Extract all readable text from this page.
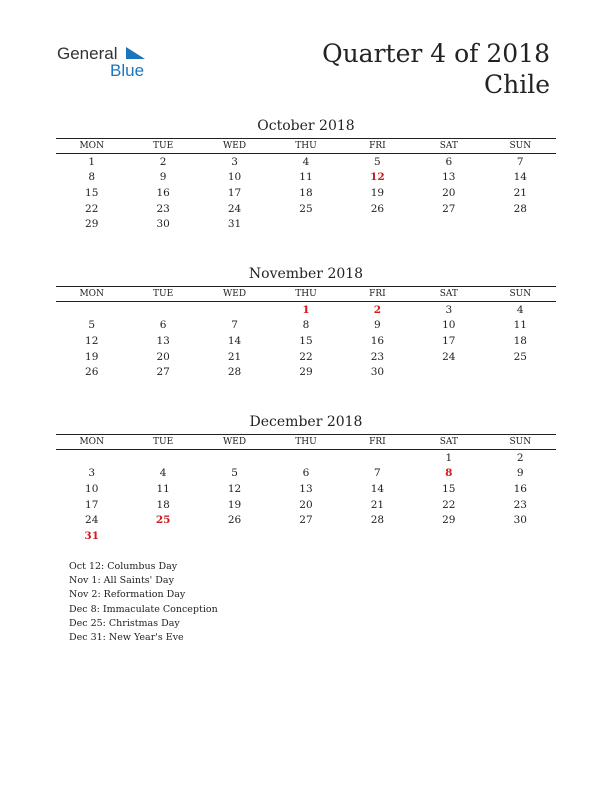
General
Blue
Quarter 4 of 2018
Chile
October 2018
MON	TUE	WED	THU	FRI	SAT	SUN
1	2	3	4	5	6	7
8	9	10	11	12	13	14
15	16	17	18	19	20	21
22	23	24	25	26	27	28
29	30	31				
November 2018
MON	TUE	WED	THU	FRI	SAT	SUN
			1	2	3	4
5	6	7	8	9	10	11
12	13	14	15	16	17	18
19	20	21	22	23	24	25
26	27	28	29	30		
December 2018
MON	TUE	WED	THU	FRI	SAT	SUN
					1	2
3	4	5	6	7	8	9
10	11	12	13	14	15	16
17	18	19	20	21	22	23
24	25	26	27	28	29	30
31						
Oct 12: Columbus Day
Nov 1: All Saints' Day
Nov 2: Reformation Day
Dec 8: Immaculate Conception
Dec 25: Christmas Day
Dec 31: New Year's Eve
